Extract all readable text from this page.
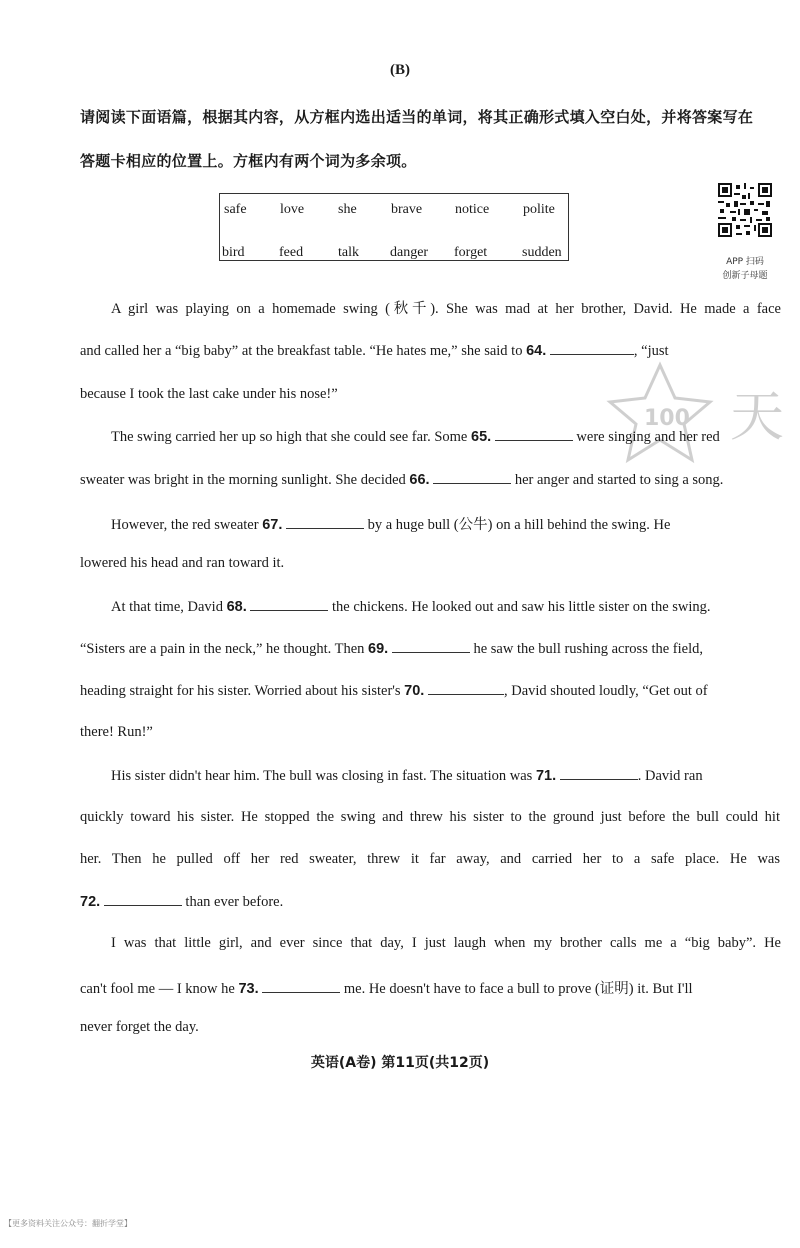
(B)
请阅读下面语篇，根据其内容，从方框内选出适当的单词，将其正确形式填入空白处，并将答案写在
答题卡相应的位置上。方框内有两个词为多余项。
safe love she brave notice polite
bird feed talk danger forget sudden
APP 扫码
创新子母题
100 天
A girl was playing on a homemade swing (秋千). She was mad at her brother, David. He made a face
and called her a “big baby” at the breakfast table. “He hates me,” she said to 64.	, “just
because I took the last cake under his nose!”
The swing carried her up so high that she could see far. Some 65.	were singing and her red
sweater was bright in the morning sunlight. She decided 66.	her anger and started to sing a song.
However, the red sweater 67.	by a huge bull (公牛) on a hill behind the swing. He
lowered his head and ran toward it.
At that time, David 68.	the chickens. He looked out and saw his little sister on the swing.
“Sisters are a pain in the neck,” he thought. Then 69.	he saw the bull rushing across the field,
heading straight for his sister. Worried about his sister's 70.	, David shouted loudly, “Get out of
there! Run!”
His sister didn't hear him. The bull was closing in fast. The situation was 71.	. David ran
quickly toward his sister. He stopped the swing and threw his sister to the ground just before the bull could hit
her. Then he pulled off her red sweater, threw it far away, and carried her to a safe place. He was
72.	than ever before.
I was that little girl, and ever since that day, I just laugh when my brother calls me a “big baby”. He
can't fool me — I know he 73.	me. He doesn't have to face a bull to prove (证明) it. But I'll
never forget the day.
英语(A卷) 第11页(共12页)
【更多资料关注公众号：翻折学堂】
